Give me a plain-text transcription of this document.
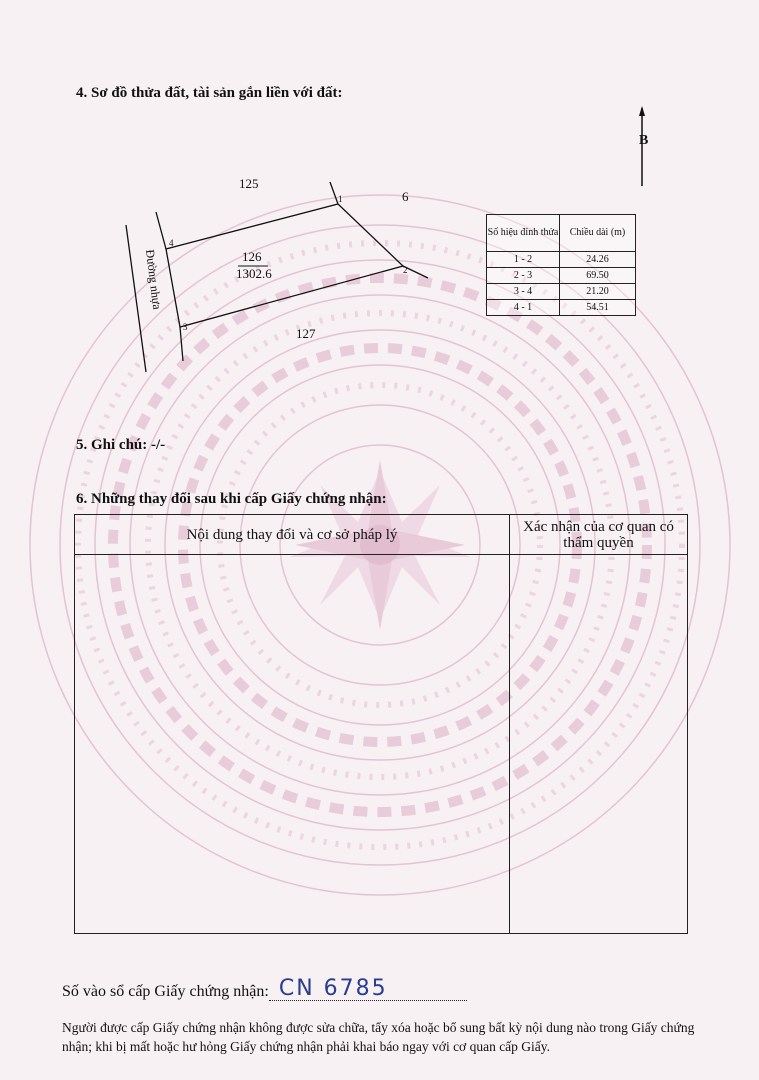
4. Sơ đồ thửa đất, tài sản gắn liền với đất:
B
125
6
127
126
1302.6
1
2
3
4
Đường nhựa
Số hiệu đỉnh thửa	Chiều dài (m)
1 - 2	24.26
2 - 3	69.50
3 - 4	21.20
4 - 1	54.51
5. Ghi chú: -/-
6. Những thay đổi sau khi cấp Giấy chứng nhận:
Nội dung thay đổi và cơ sở pháp lý	Xác nhận của cơ quan có thẩm quyền

Số vào sổ cấp Giấy chứng nhận: CN 6785
Người được cấp Giấy chứng nhận không được sửa chữa, tẩy xóa hoặc bổ sung bất kỳ nội dung nào trong Giấy chứng nhận; khi bị mất hoặc hư hỏng Giấy chứng nhận phải khai báo ngay với cơ quan cấp Giấy.
